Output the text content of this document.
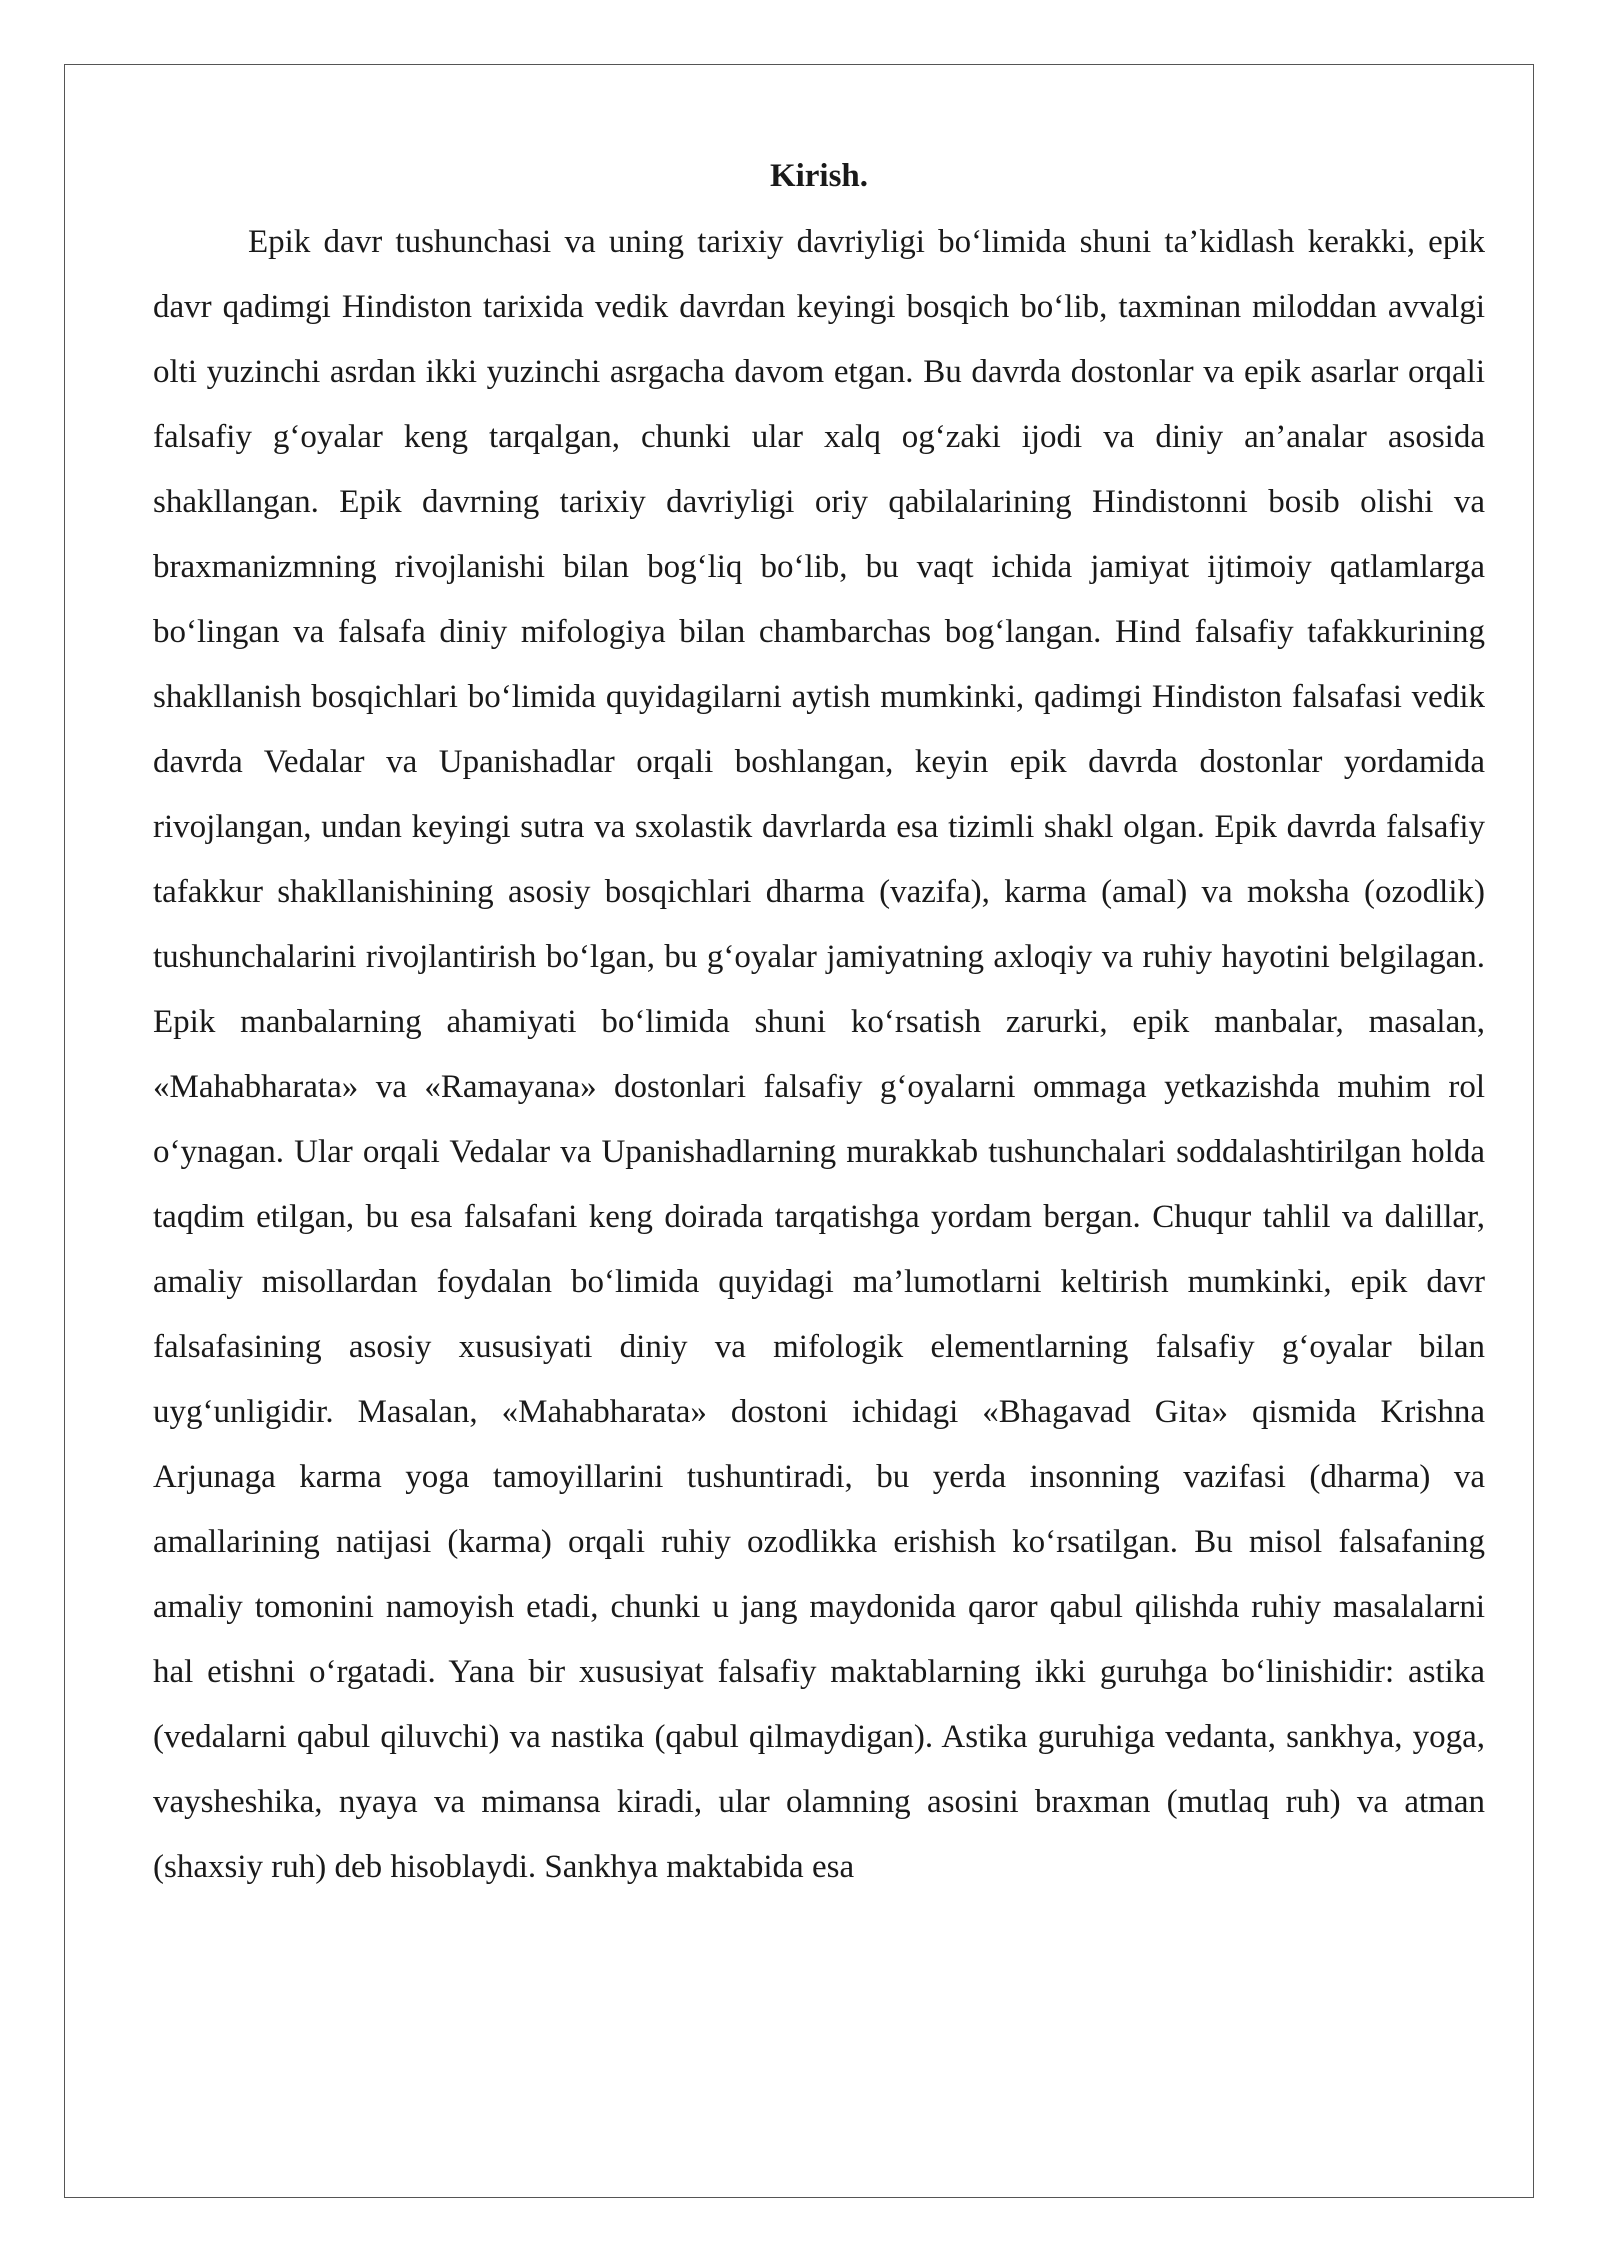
Kirish.

Epik davr tushunchasi va uning tarixiy davriyligi bo‘limida shuni ta’kidlash kerakki, epik davr qadimgi Hindiston tarixida vedik davrdan keyingi bosqich bo‘lib, taxminan miloddan avvalgi olti yuzinchi asrdan ikki yuzinchi asrgacha davom etgan. Bu davrda dostonlar va epik asarlar orqali falsafiy g‘oyalar keng tarqalgan, chunki ular xalq og‘zaki ijodi va diniy an’analar asosida shakllangan. Epik davrning tarixiy davriyligi oriy qabilalarining Hindistonni bosib olishi va braxmanizmning rivojlanishi bilan bog‘liq bo‘lib, bu vaqt ichida jamiyat ijtimoiy qatlamlarga bo‘lingan va falsafa diniy mifologiya bilan chambarchas bog‘langan. Hind falsafiy tafakkurining shakllanish bosqichlari bo‘limida quyidagilarni aytish mumkinki, qadimgi Hindiston falsafasi vedik davrda Vedalar va Upanishadlar orqali boshlangan, keyin epik davrda dostonlar yordamida rivojlangan, undan keyingi sutra va sxolastik davrlarda esa tizimli shakl olgan. Epik davrda falsafiy tafakkur shakllanishining asosiy bosqichlari dharma (vazifa), karma (amal) va moksha (ozodlik) tushunchalarini rivojlantirish bo‘lgan, bu g‘oyalar jamiyatning axloqiy va ruhiy hayotini belgilagan. Epik manbalarning ahamiyati bo‘limida shuni ko‘rsatish zarurki, epik manbalar, masalan, «Mahabharata» va «Ramayana» dostonlari falsafiy g‘oyalarni ommaga yetkazishda muhim rol o‘ynagan. Ular orqali Vedalar va Upanishadlarning murakkab tushunchalari soddalashtirilgan holda taqdim etilgan, bu esa falsafani keng doirada tarqatishga yordam bergan. Chuqur tahlil va dalillar, amaliy misollardan foydalan bo‘limida quyidagi ma’lumotlarni keltirish mumkinki, epik davr falsafasining asosiy xususiyati diniy va mifologik elementlarning falsafiy g‘oyalar bilan uyg‘unligidir. Masalan, «Mahabharata» dostoni ichidagi «Bhagavad Gita» qismida Krishna Arjunaga karma yoga tamoyillarini tushuntiradi, bu yerda insonning vazifasi (dharma) va amallarining natijasi (karma) orqali ruhiy ozodlikka erishish ko‘rsatilgan. Bu misol falsafaning amaliy tomonini namoyish etadi, chunki u jang maydonida qaror qabul qilishda ruhiy masalalarni hal etishni o‘rgatadi. Yana bir xususiyat falsafiy maktablarning ikki guruhga bo‘linishidir: astika (vedalarni qabul qiluvchi) va nastika (qabul qilmaydigan). Astika guruhiga vedanta, sankhya, yoga, vaysheshika, nyaya va mimansa kiradi, ular olamning asosini braxman (mutlaq ruh) va atman (shaxsiy ruh) deb hisoblaydi. Sankhya maktabida esa
